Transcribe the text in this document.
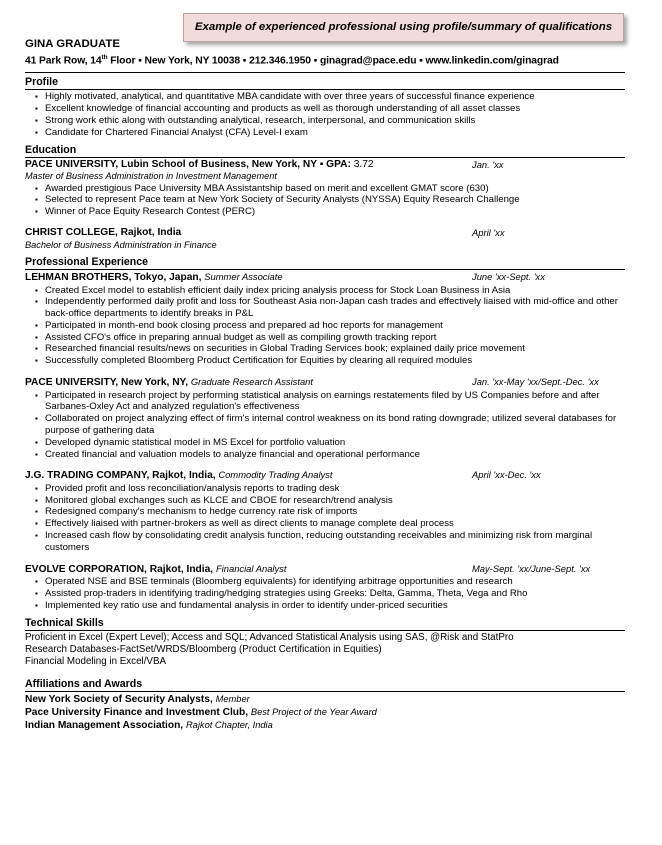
Example of experienced professional using profile/summary of qualifications
GINA GRADUATE
41 Park Row, 14th Floor ▪ New York, NY 10038 ▪ 212.346.1950 ▪ ginagrad@pace.edu ▪ www.linkedin.com/ginagrad
Profile
▪ Highly motivated, analytical, and quantitative MBA candidate with over three years of successful finance experience
▪ Excellent knowledge of financial accounting and products as well as thorough understanding of all asset classes
▪ Strong work ethic along with outstanding analytical, research, interpersonal, and communication skills
▪ Candidate for Chartered Financial Analyst (CFA) Level-I exam
Education
PACE UNIVERSITY, Lubin School of Business, New York, NY ▪ GPA: 3.72	Jan. 'xx
Master of Business Administration in Investment Management
▪ Awarded prestigious Pace University MBA Assistantship based on merit and excellent GMAT score (630)
▪ Selected to represent Pace team at New York Society of Security Analysts (NYSSA) Equity Research Challenge
▪ Winner of Pace Equity Research Contest (PERC)
CHRIST COLLEGE, Rajkot, India	April 'xx
Bachelor of Business Administration in Finance
Professional Experience
LEHMAN BROTHERS, Tokyo, Japan, Summer Associate	June 'xx-Sept. 'xx
▪ Created Excel model to establish efficient daily index pricing analysis process for Stock Loan Business in Asia
▪ Independently performed daily profit and loss for Southeast Asia non-Japan cash trades and effectively liaised with mid-office and other back-office departments to identify breaks in P&L
▪ Participated in month-end book closing process and prepared ad hoc reports for management
▪ Assisted CFO's office in preparing annual budget as well as compiling growth tracking report
▪ Researched financial results/news on securities in Global Trading Services book; explained daily price movement
▪ Successfully completed Bloomberg Product Certification for Equities by clearing all required modules
PACE UNIVERSITY, New York, NY, Graduate Research Assistant	Jan. 'xx-May 'xx/Sept.-Dec. 'xx
▪ Participated in research project by performing statistical analysis on earnings restatements filed by US Companies before and after Sarbanes-Oxley Act and analyzed regulation's effectiveness
▪ Collaborated on project analyzing effect of firm's internal control weakness on its bond rating downgrade; utilized several databases for purpose of gathering data
▪ Developed dynamic statistical model in MS Excel for portfolio valuation
▪ Created financial and valuation models to analyze financial and operational performance
J.G. TRADING COMPANY, Rajkot, India, Commodity Trading Analyst	April 'xx-Dec. 'xx
▪ Provided profit and loss reconciliation/analysis reports to trading desk
▪ Monitored global exchanges such as KLCE and CBOE for research/trend analysis
▪ Redesigned company's mechanism to hedge currency rate risk of imports
▪ Effectively liaised with partner-brokers as well as direct clients to manage complete deal process
▪ Increased cash flow by consolidating credit analysis function, reducing outstanding receivables and minimizing risk from marginal customers
EVOLVE CORPORATION, Rajkot, India, Financial Analyst	May-Sept. 'xx/June-Sept. 'xx
▪ Operated NSE and BSE terminals (Bloomberg equivalents) for identifying arbitrage opportunities and research
▪ Assisted prop-traders in identifying trading/hedging strategies using Greeks: Delta, Gamma, Theta, Vega and Rho
▪ Implemented key ratio use and fundamental analysis in order to identify under-priced securities
Technical Skills
Proficient in Excel (Expert Level); Access and SQL; Advanced Statistical Analysis using SAS, @Risk and StatPro
Research Databases-FactSet/WRDS/Bloomberg (Product Certification in Equities)
Financial Modeling in Excel/VBA
Affiliations and Awards
New York Society of Security Analysts, Member
Pace University Finance and Investment Club, Best Project of the Year Award
Indian Management Association, Rajkot Chapter, India
